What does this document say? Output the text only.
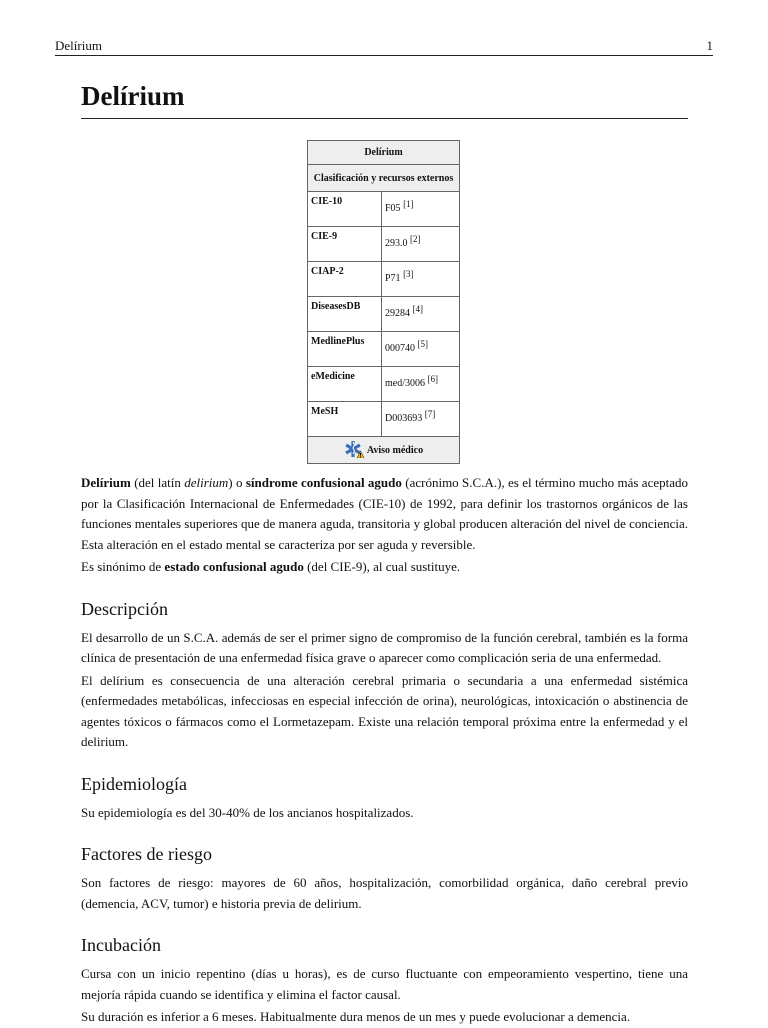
Delírium	1
Delírium
Delírium	
Clasificación y recursos externos	
CIE-10	F05 [1]
CIE-9	293.0 [2]
CIAP-2	P71 [3]
DiseasesDB	29284 [4]
MedlinePlus	000740 [5]
eMedicine	med/3006 [6]
MeSH	D003693 [7]
Aviso médico	

Delírium (del latín delirium) o síndrome confusional agudo (acrónimo S.C.A.), es el término mucho más aceptado por la Clasificación Internacional de Enfermedades (CIE-10) de 1992, para definir los trastornos orgánicos de las funciones mentales superiores que de manera aguda, transitoria y global producen alteración del nivel de conciencia. Esta alteración en el estado mental se caracteriza por ser aguda y reversible.

Es sinónimo de estado confusional agudo (del CIE-9), al cual sustituye.

Descripción

El desarrollo de un S.C.A. además de ser el primer signo de compromiso de la función cerebral, también es la forma clínica de presentación de una enfermedad física grave o aparecer como complicación seria de una enfermedad.

El delírium es consecuencia de una alteración cerebral primaria o secundaria a una enfermedad sistémica (enfermedades metabólicas, infecciosas en especial infección de orina), neurológicas, intoxicación o abstinencia de agentes tóxicos o fármacos como el Lormetazepam. Existe una relación temporal próxima entre la enfermedad y el delirium.

Epidemiología

Su epidemiología es del 30-40% de los ancianos hospitalizados.

Factores de riesgo

Son factores de riesgo: mayores de 60 años, hospitalización, comorbilidad orgánica, daño cerebral previo (demencia, ACV, tumor) e historia previa de delirium.

Incubación

Cursa con un inicio repentino (días u horas), es de curso fluctuante con empeoramiento vespertino, tiene una mejoría rápida cuando se identifica y elimina el factor causal.

Su duración es inferior a 6 meses. Habitualmente dura menos de un mes y puede evolucionar a demencia.
